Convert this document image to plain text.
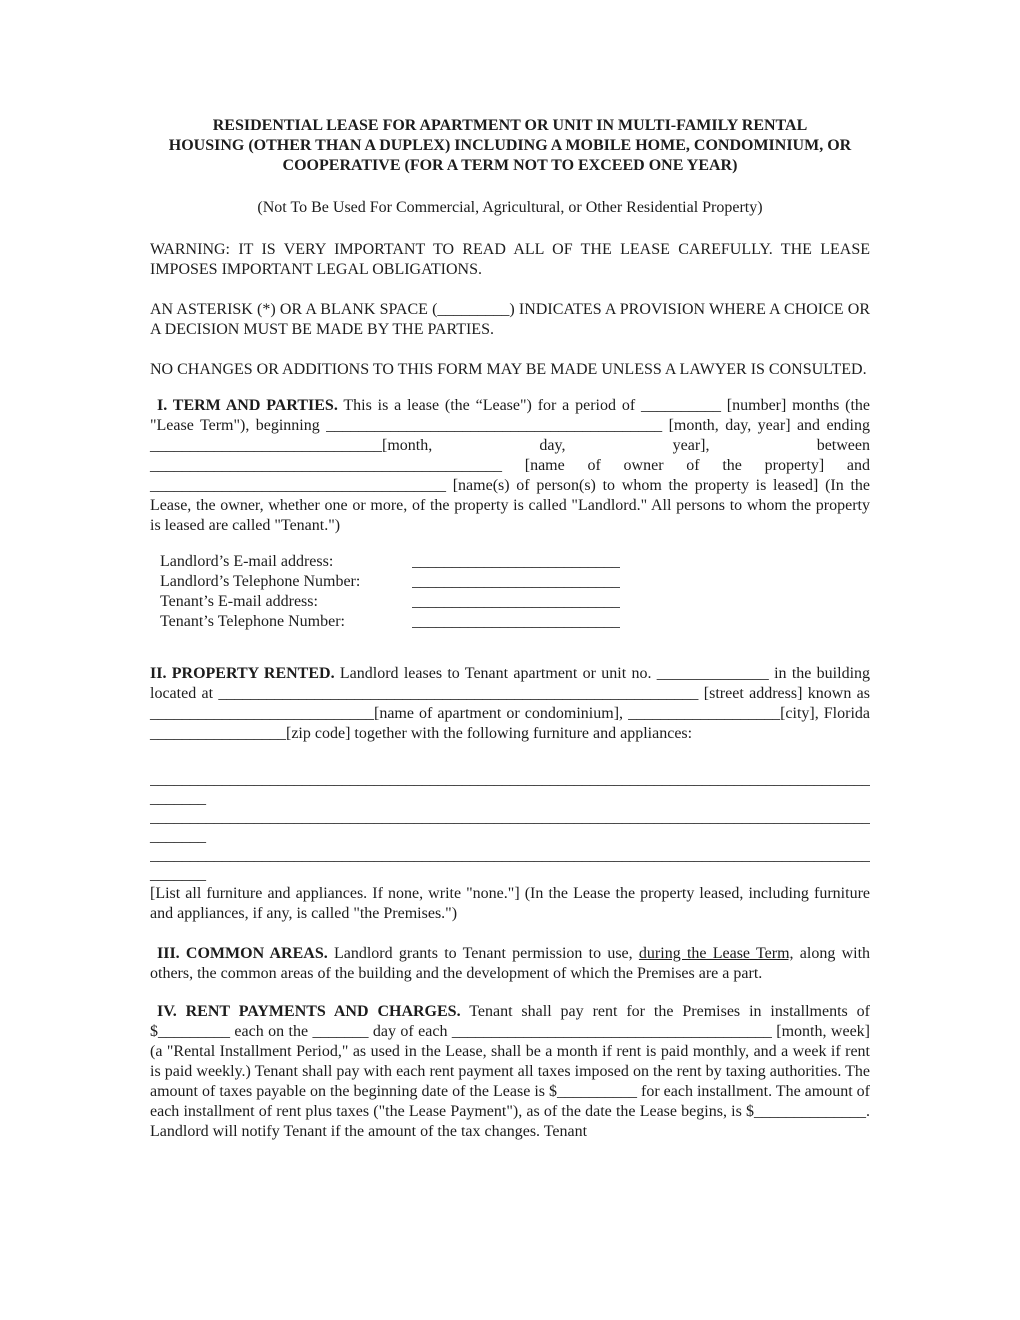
RESIDENTIAL LEASE FOR APARTMENT OR UNIT IN MULTI-FAMILY RENTAL
HOUSING (OTHER THAN A DUPLEX) INCLUDING A MOBILE HOME, CONDOMINIUM, OR
COOPERATIVE (FOR A TERM NOT TO EXCEED ONE YEAR)
(Not To Be Used For Commercial, Agricultural, or Other Residential Property)

WARNING: IT IS VERY IMPORTANT TO READ ALL OF THE LEASE CAREFULLY. THE LEASE IMPOSES IMPORTANT LEGAL OBLIGATIONS.

AN ASTERISK (*) OR A BLANK SPACE (_________) INDICATES A PROVISION WHERE A CHOICE OR A DECISION MUST BE MADE BY THE PARTIES.

NO CHANGES OR ADDITIONS TO THIS FORM MAY BE MADE UNLESS A LAWYER IS CONSULTED.

I. TERM AND PARTIES. This is a lease (the “Lease") for a period of __________ [number] months (the "Lease Term"), beginning __________________________________________ [month, day, year] and ending _____________________________[month, day, year], between ____________________________________________ [name of owner of the property] and _____________________________________ [name(s) of person(s) to whom the property is leased] (In the Lease, the owner, whether one or more, of the property is called "Landlord." All persons to whom the property is leased are called "Tenant.")

Landlord’s E-mail address:	__________________________
Landlord’s Telephone Number:	__________________________
Tenant’s E-mail address:	__________________________
Tenant’s Telephone Number:	__________________________

II. PROPERTY RENTED. Landlord leases to Tenant apartment or unit no. ______________ in the building located at ____________________________________________________________ [street address] known as ____________________________[name of apartment or condominium], ___________________[city], Florida _________________[zip code] together with the following furniture and appliances:

__________________________________________________________________________________________
_______
__________________________________________________________________________________________
_______
__________________________________________________________________________________________
_______

[List all furniture and appliances. If none, write "none."] (In the Lease the property leased, including furniture and appliances, if any, is called "the Premises.")

III. COMMON AREAS. Landlord grants to Tenant permission to use, during the Lease Term, along with others, the common areas of the building and the development of which the Premises are a part.

IV. RENT PAYMENTS AND CHARGES. Tenant shall pay rent for the Premises in installments of $_________ each on the _______ day of each ________________________________________ [month, week] (a "Rental Installment Period," as used in the Lease, shall be a month if rent is paid monthly, and a week if rent is paid weekly.) Tenant shall pay with each rent payment all taxes imposed on the rent by taxing authorities. The amount of taxes payable on the beginning date of the Lease is $__________ for each installment. The amount of each installment of rent plus taxes ("the Lease Payment"), as of the date the Lease begins, is $______________. Landlord will notify Tenant if the amount of the tax changes. Tenant
